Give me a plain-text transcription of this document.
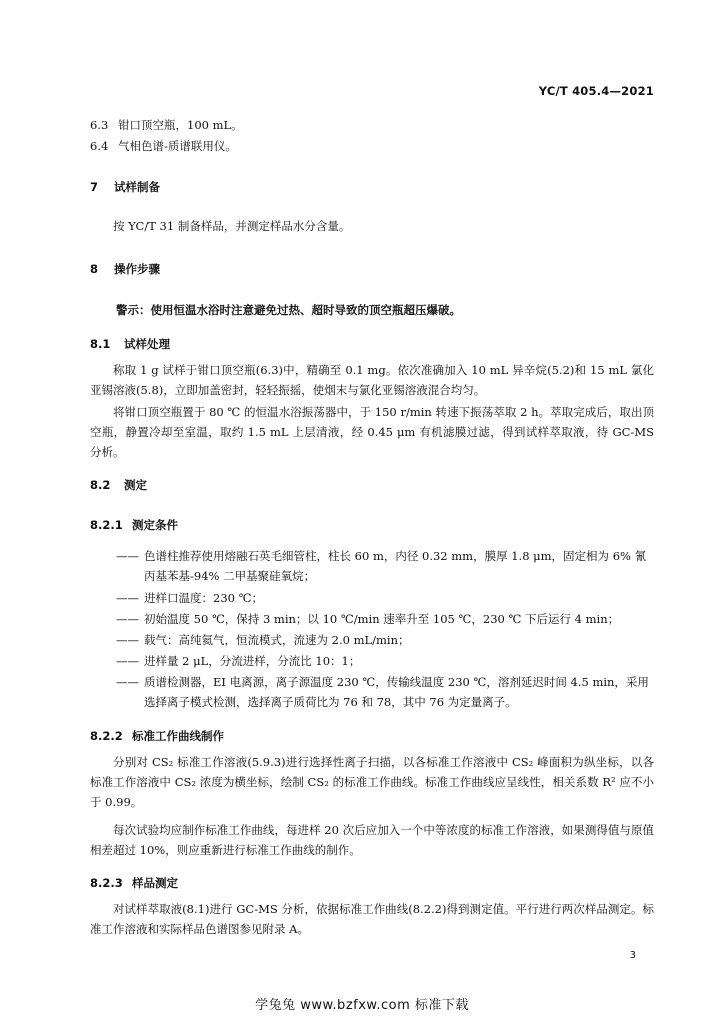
YC/T 405.4—2021
6.3 钳口顶空瓶，100 mL。
6.4 气相色谱-质谱联用仪。
7 试样制备
按 YC/T 31 制备样品，并测定样品水分含量。
8 操作步骤
警示：使用恒温水浴时注意避免过热、超时导致的顶空瓶超压爆破。
8.1 试样处理
称取 1 g 试样于钳口顶空瓶(6.3)中，精确至 0.1 mg。依次准确加入 10 mL 异辛烷(5.2)和 15 mL 氯化亚锡溶液(5.8)，立即加盖密封，轻轻振摇，使烟末与氯化亚锡溶液混合均匀。
将钳口顶空瓶置于 80 ℃ 的恒温水浴振荡器中，于 150 r/min 转速下振荡萃取 2 h。萃取完成后，取出顶空瓶，静置冷却至室温，取约 1.5 mL 上层清液，经 0.45 μm 有机滤膜过滤，得到试样萃取液，待 GC-MS 分析。
8.2 测定
8.2.1 测定条件
—— 色谱柱推荐使用熔融石英毛细管柱，柱长 60 m，内径 0.32 mm，膜厚 1.8 μm，固定相为 6% 氰丙基苯基-94% 二甲基聚硅氧烷；
—— 进样口温度：230 ℃；
—— 初始温度 50 ℃，保持 3 min；以 10 ℃/min 速率升至 105 ℃，230 ℃ 下后运行 4 min；
—— 载气：高纯氦气，恒流模式，流速为 2.0 mL/min；
—— 进样量 2 μL，分流进样，分流比 10：1；
—— 质谱检测器，EI 电离源，离子源温度 230 ℃，传输线温度 230 ℃，溶剂延迟时间 4.5 min，采用选择离子模式检测，选择离子质荷比为 76 和 78，其中 76 为定量离子。
8.2.2 标准工作曲线制作
分别对 CS₂ 标准工作溶液(5.9.3)进行选择性离子扫描，以各标准工作溶液中 CS₂ 峰面积为纵坐标，以各标准工作溶液中 CS₂ 浓度为横坐标，绘制 CS₂ 的标准工作曲线。标准工作曲线应呈线性，相关系数 R² 应不小于 0.99。
每次试验均应制作标准工作曲线，每进样 20 次后应加入一个中等浓度的标准工作溶液，如果测得值与原值相差超过 10%，则应重新进行标准工作曲线的制作。
8.2.3 样品测定
对试样萃取液(8.1)进行 GC-MS 分析，依据标准工作曲线(8.2.2)得到测定值。平行进行两次样品测定。标准工作溶液和实际样品色谱图参见附录 A。
3
学兔兔 www.bzfxw.com 标准下载
